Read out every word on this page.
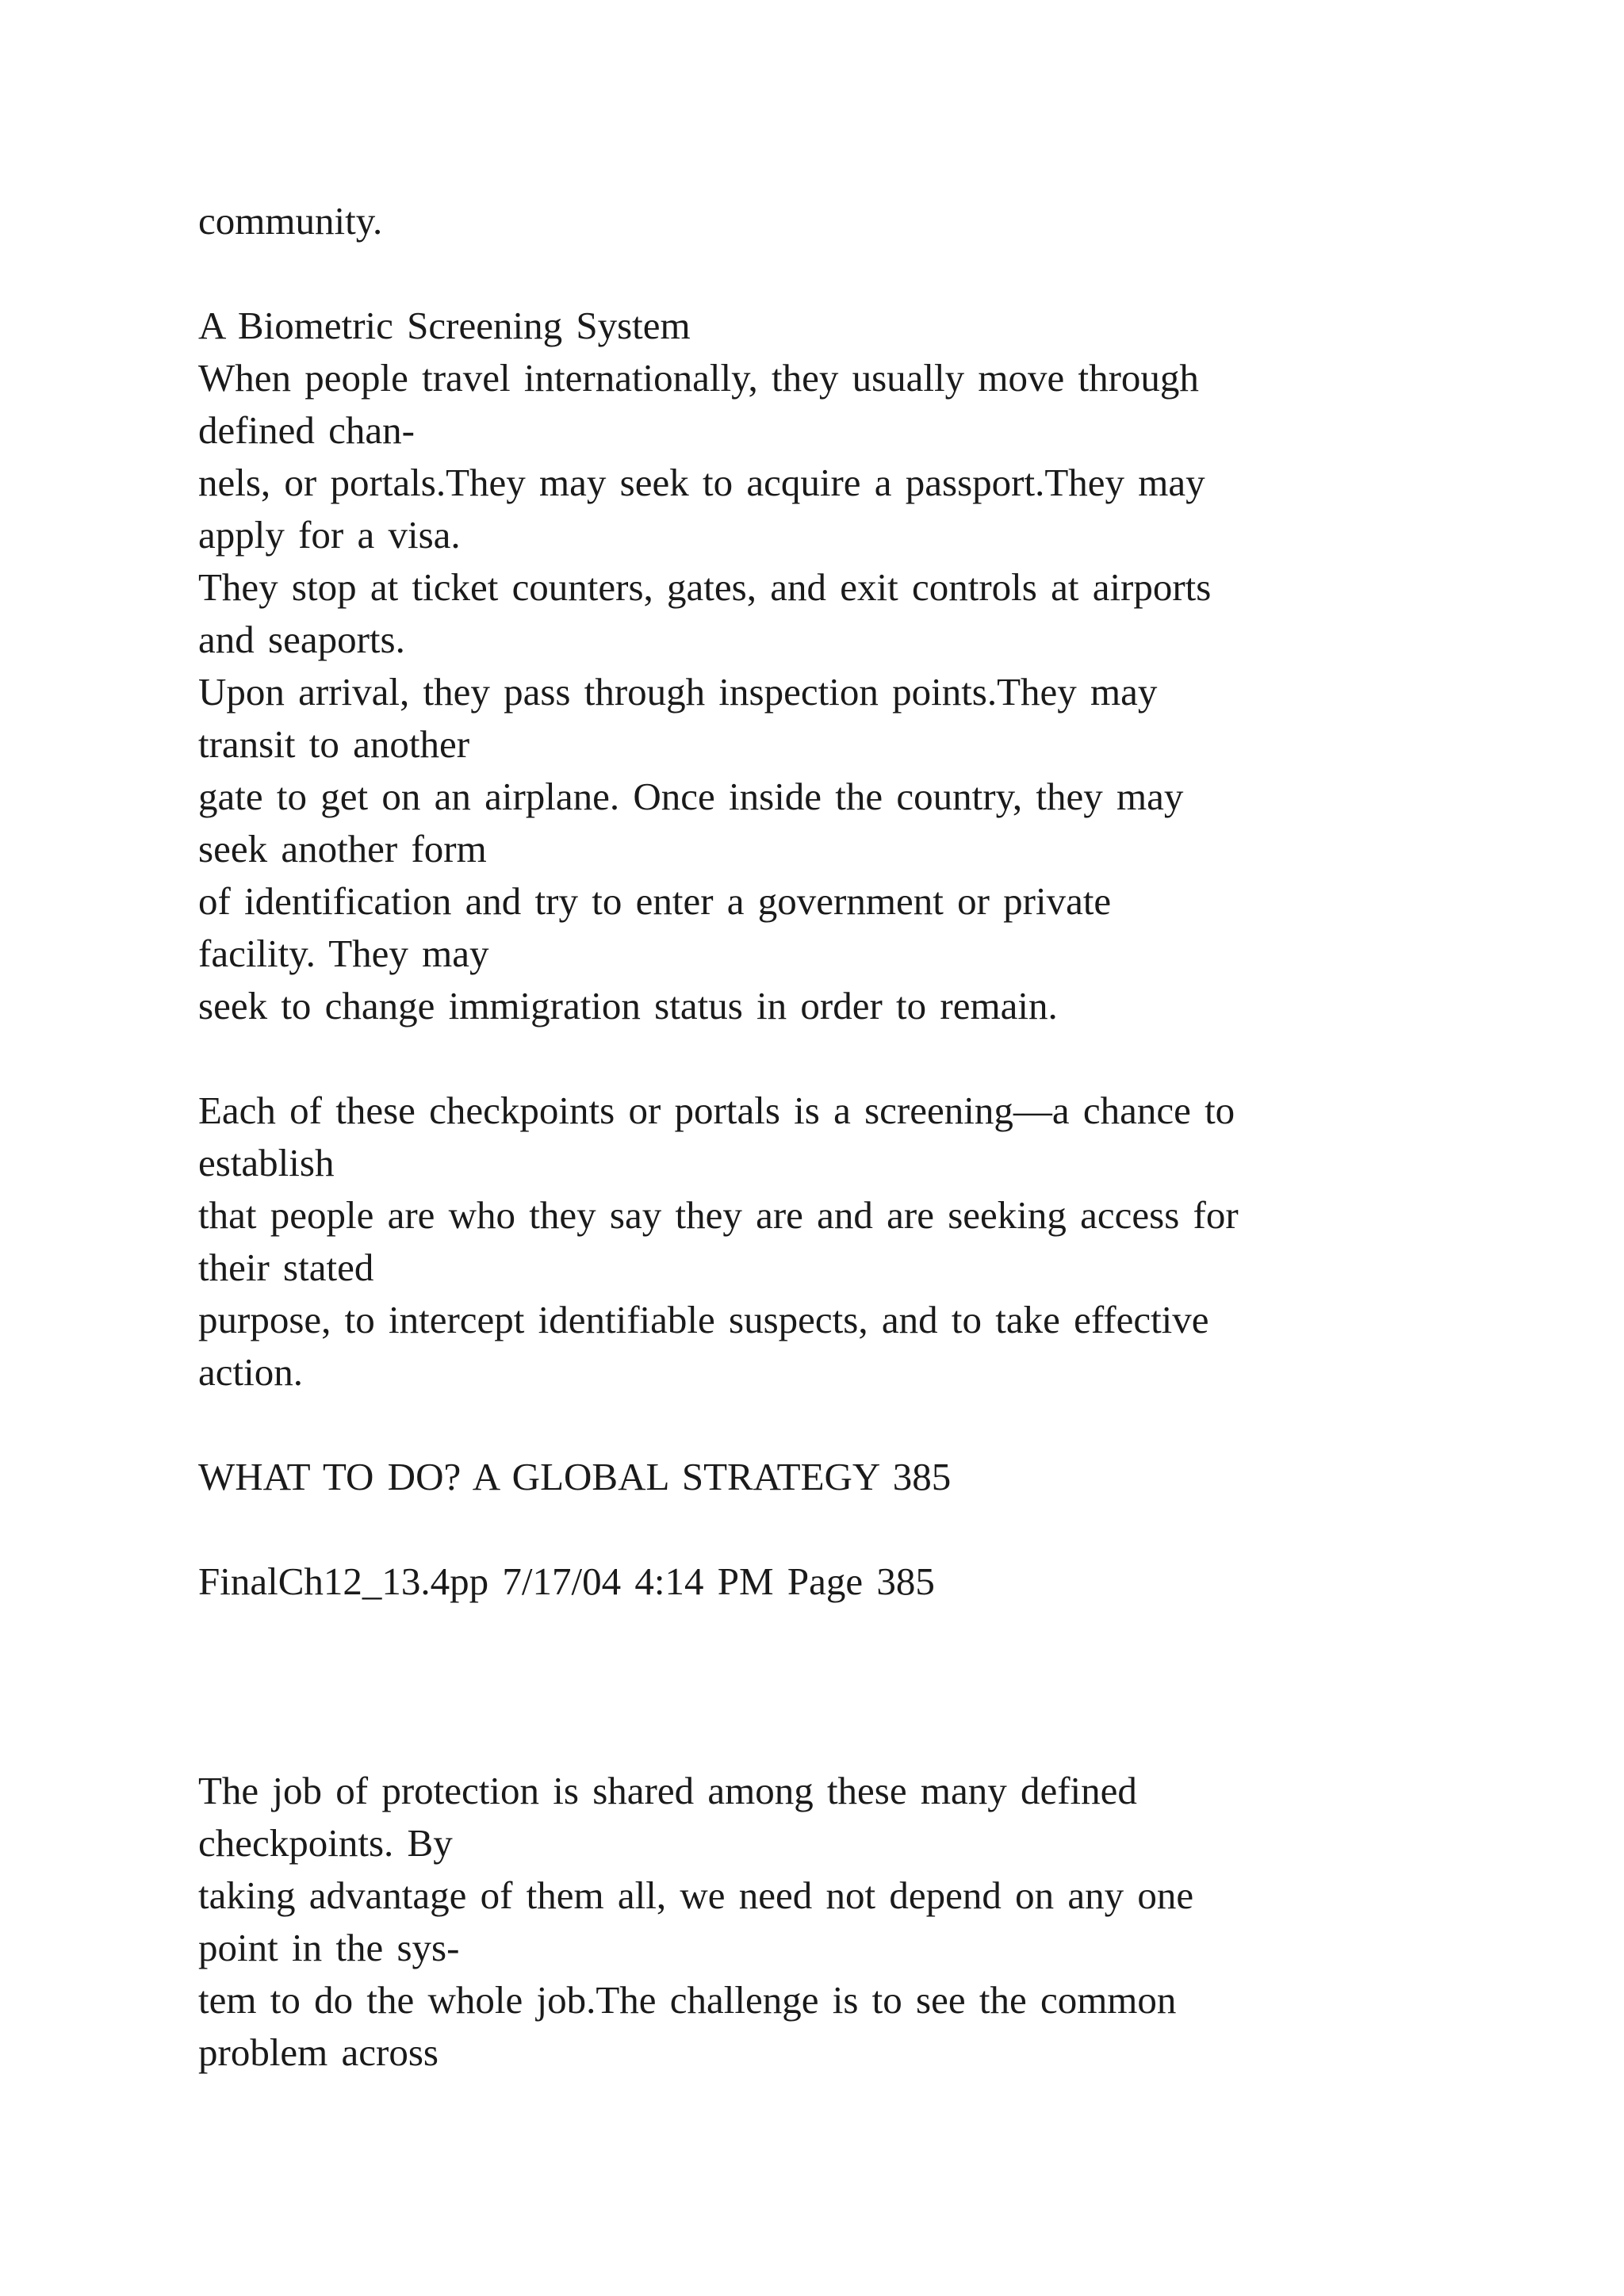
community.
A Biometric Screening System
When people travel internationally, they usually move through
defined chan-
nels, or portals.They may seek to acquire a passport.They may
apply for a visa.
They stop at ticket counters, gates, and exit controls at airports
and seaports.
Upon arrival, they pass through inspection points.They may
transit to another
gate to get on an airplane. Once inside the country, they may
seek another form
of identification and try to enter a government or private
facility. They may
seek to change immigration status in order to remain.
Each of these checkpoints or portals is a screening—a chance to
establish
that people are who they say they are and are seeking access for
their stated
purpose, to intercept identifiable suspects, and to take effective
action.
WHAT TO DO? A GLOBAL STRATEGY 385
FinalCh12_13.4pp 7/17/04 4:14 PM Page 385
The job of protection is shared among these many defined
checkpoints. By
taking advantage of them all, we need not depend on any one
point in the sys-
tem to do the whole job.The challenge is to see the common
problem across
